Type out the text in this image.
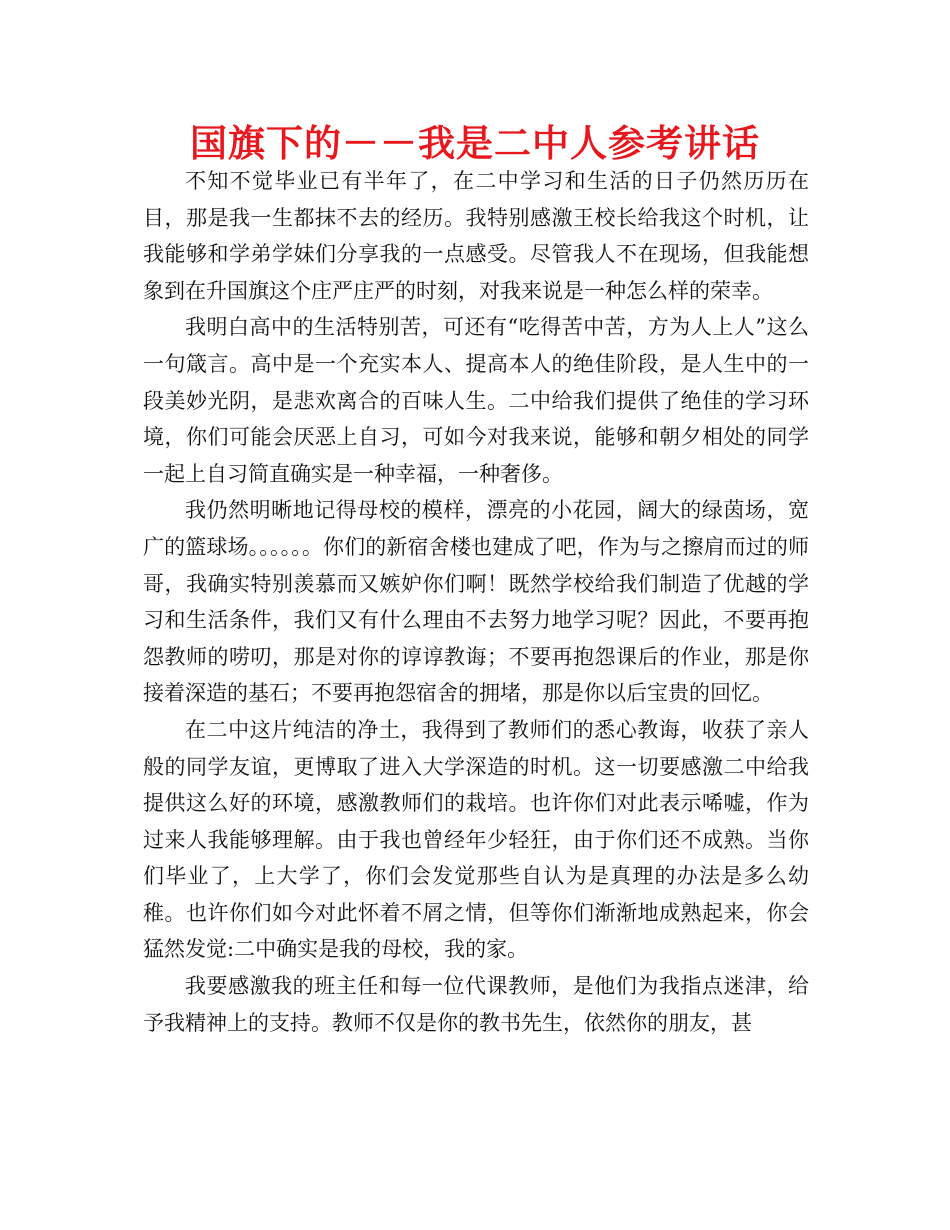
国旗下的－－我是二中人参考讲话

不知不觉毕业已有半年了，在二中学习和生活的日子仍然历历在目，那是我一生都抹不去的经历。我特别感激王校长给我这个时机，让我能够和学弟学妹们分享我的一点感受。尽管我人不在现场，但我能想象到在升国旗这个庄严庄严的时刻，对我来说是一种怎么样的荣幸。

我明白高中的生活特别苦，可还有“吃得苦中苦，方为人上人”这么一句箴言。高中是一个充实本人、提高本人的绝佳阶段，是人生中的一段美妙光阴，是悲欢离合的百味人生。二中给我们提供了绝佳的学习环境，你们可能会厌恶上自习，可如今对我来说，能够和朝夕相处的同学一起上自习简直确实是一种幸福，一种奢侈。

我仍然明晰地记得母校的模样，漂亮的小花园，阔大的绿茵场，宽广的篮球场。。。。。。你们的新宿舍楼也建成了吧，作为与之擦肩而过的师哥，我确实特别羡慕而又嫉妒你们啊！既然学校给我们制造了优越的学习和生活条件，我们又有什么理由不去努力地学习呢？因此，不要再抱怨教师的唠叨，那是对你的谆谆教诲；不要再抱怨课后的作业，那是你接着深造的基石；不要再抱怨宿舍的拥堵，那是你以后宝贵的回忆。

在二中这片纯洁的净土，我得到了教师们的悉心教诲，收获了亲人般的同学友谊，更博取了进入大学深造的时机。这一切要感激二中给我提供这么好的环境，感激教师们的栽培。也许你们对此表示唏嘘，作为过来人我能够理解。由于我也曾经年少轻狂，由于你们还不成熟。当你们毕业了，上大学了，你们会发觉那些自认为是真理的办法是多么幼稚。也许你们如今对此怀着不屑之情，但等你们渐渐地成熟起来，你会猛然发觉:二中确实是我的母校，我的家。

我要感激我的班主任和每一位代课教师，是他们为我指点迷津，给予我精神上的支持。教师不仅是你的教书先生，依然你的朋友，甚
